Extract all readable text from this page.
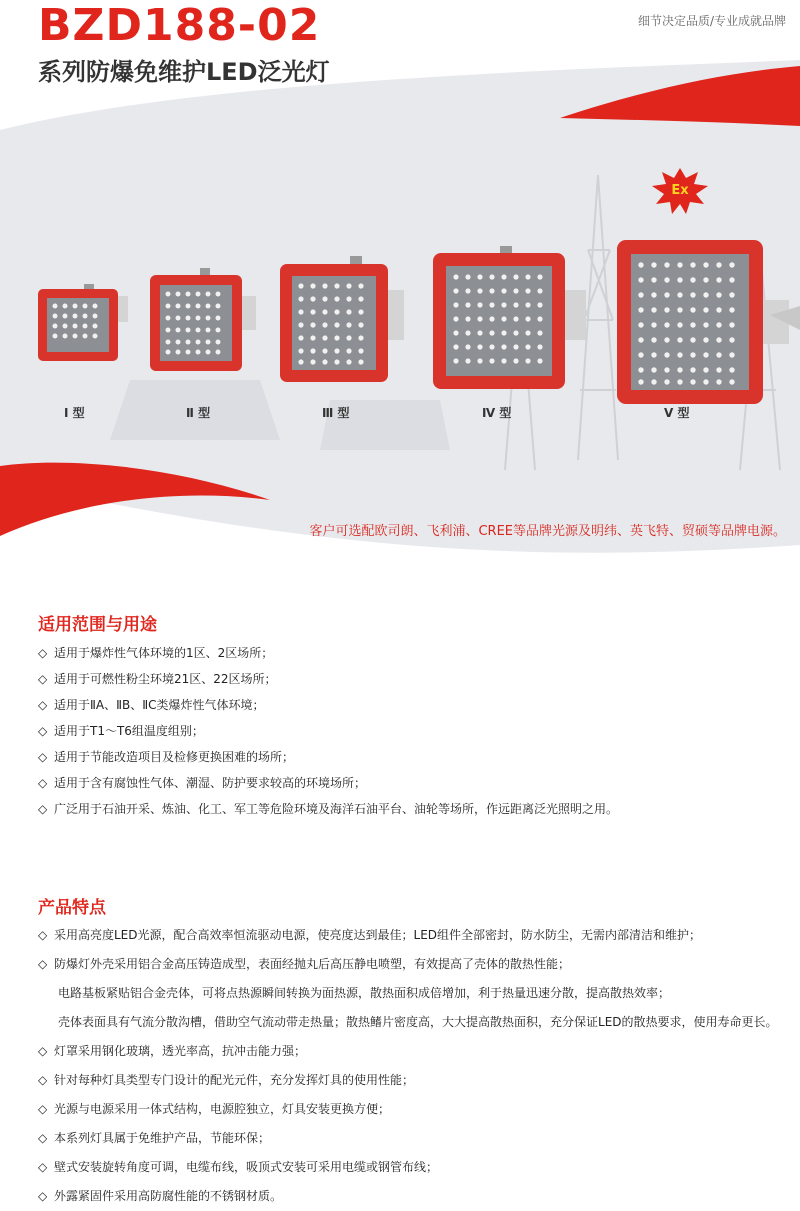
Ex
BZD188-02
系列防爆免维护LED泛光灯
细节决定品质/专业成就品牌
Ⅰ 型	Ⅱ 型	Ⅲ 型	Ⅳ 型	Ⅴ 型
客户可选配欧司朗、飞利浦、CREE等品牌光源及明纬、英飞特、贸硕等品牌电源。
适用范围与用途
◇ 适用于爆炸性气体环境的1区、2区场所；
◇ 适用于可燃性粉尘环境21区、22区场所；
◇ 适用于ⅡA、ⅡB、ⅡC类爆炸性气体环境；
◇ 适用于T1～T6组温度组别；
◇ 适用于节能改造项目及检修更换困难的场所；
◇ 适用于含有腐蚀性气体、潮湿、防护要求较高的环境场所；
◇ 广泛用于石油开采、炼油、化工、军工等危险环境及海洋石油平台、油轮等场所，作远距离泛光照明之用。
产品特点
◇ 采用高亮度LED光源，配合高效率恒流驱动电源，使亮度达到最佳；LED组件全部密封，防水防尘，无需内部清洁和维护；
◇ 防爆灯外壳采用铝合金高压铸造成型，表面经抛丸后高压静电喷塑，有效提高了壳体的散热性能；
电路基板紧贴铝合金壳体，可将点热源瞬间转换为面热源，散热面积成倍增加，利于热量迅速分散，提高散热效率；
壳体表面具有气流分散沟槽，借助空气流动带走热量；散热鳍片密度高，大大提高散热面积，充分保证LED的散热要求，使用寿命更长。
◇ 灯罩采用钢化玻璃，透光率高，抗冲击能力强；
◇ 针对每种灯具类型专门设计的配光元件，充分发挥灯具的使用性能；
◇ 光源与电源采用一体式结构，电源腔独立，灯具安装更换方便；
◇ 本系列灯具属于免维护产品，节能环保；
◇ 壁式安装旋转角度可调，电缆布线，吸顶式安装可采用电缆或钢管布线；
◇ 外露紧固件采用高防腐性能的不锈钢材质。
